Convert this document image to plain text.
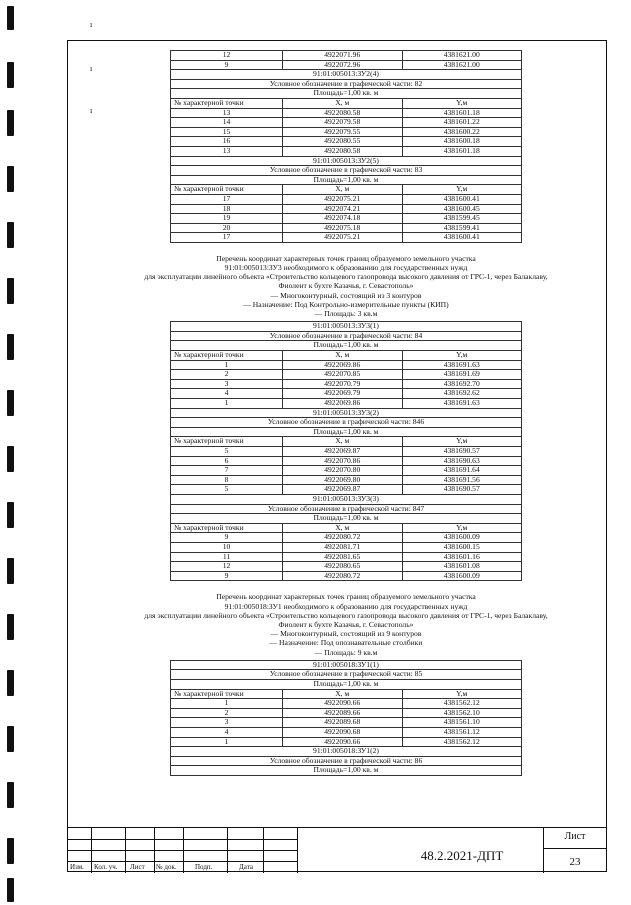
ı
ı
ı
12	4922071.96	4381621.00
9	4922072.96	4381621.00
91:01:005013:ЗУ2(4)		
Условное обозначение в графической части: 82		
Площадь=1,00 кв. м		
№ характерной точки	X, м	Y,м
13	4922080.58	4381601.18
14	4922079.58	4381601.22
15	4922079.55	4381600.22
16	4922080.55	4381600.18
13	4922080.58	4381601.18
91:01:005013:ЗУ2(5)		
Условное обозначение в графической части: 83		
Площадь=1,00 кв. м		
№ характерной точки	X, м	Y,м
17	4922075.21	4381600.41
18	4922074.21	4381600.45
19	4922074.18	4381599.45
20	4922075.18	4381599.41
17	4922075.21	4381600.41
Перечень координат характерных точек границ образуемого земельного участка
91:01:005013:ЗУ3 необходимого к образованию для государственных нужд
для эксплуатации линейного объекта «Строительство кольцевого газопровода высокого давления от ГРС-1, через Балаклаву,
Фиолент к бухте Казачья, г. Севастополь»
— Многоконтурный, состоящий из 3 контуров
— Назначение: Под Контрольно-измерительные пункты (КИП)
— Площадь: 3 кв.м
91:01:005013:ЗУ3(1)		
Условное обозначение в графической части: 84		
Площадь=1,00 кв. м		
№ характерной точки	X, м	Y,м
1	4922069.86	4381691.63
2	4922070.85	4381691.69
3	4922070.79	4381692.70
4	4922069.79	4381692.62
1	4922069.86	4381691.63
91:01:005013:ЗУ3(2)		
Условное обозначение в графической части: 846		
Площадь=1,00 кв. м		
№ характерной точки	X, м	Y,м
5	4922069.87	4381690.57
6	4922070.86	4381690.63
7	4922070.80	4381691.64
8	4922069.80	4381691.56
5	4922069.87	4381690.57
91:01:005013:ЗУ3(3)		
Условное обозначение в графической части: 847		
Площадь=1,00 кв. м		
№ характерной точки	X, м	Y,м
9	4922080.72	4381600.09
10	4922081.71	4381600.15
11	4922081.65	4381601.16
12	4922080.65	4381601.08
9	4922080.72	4381600.09
Перечень координат характерных точек границ образуемого земельного участка
91:01:005018:ЗУ1 необходимого к образованию для государственных нужд
для эксплуатации линейного объекта «Строительство кольцевого газопровода высокого давления от ГРС-1, через Балаклаву,
Фиолент к бухте Казачья, г. Севастополь»
— Многоконтурный, состоящий из 9 контуров
— Назначение: Под опознавательные столбики
— Площадь: 9 кв.м
91:01:005018:ЗУ1(1)		
Условное обозначение в графической части: 85		
Площадь=1,00 кв. м		
№ характерной точки	X, м	Y,м
1	4922090.66	4381562.12
2	4922089.66	4381562.10
3	4922089.68	4381561.10
4	4922090.68	4381561.12
1	4922090.66	4381562.12
91:01:005018:ЗУ1(2)		
Условное обозначение в графической части: 86		
Площадь=1,00 кв. м		
Изм. Кол. уч. Лист № док.	Подп.	Дата
48.2.2021-ДПТ
Лист
23
